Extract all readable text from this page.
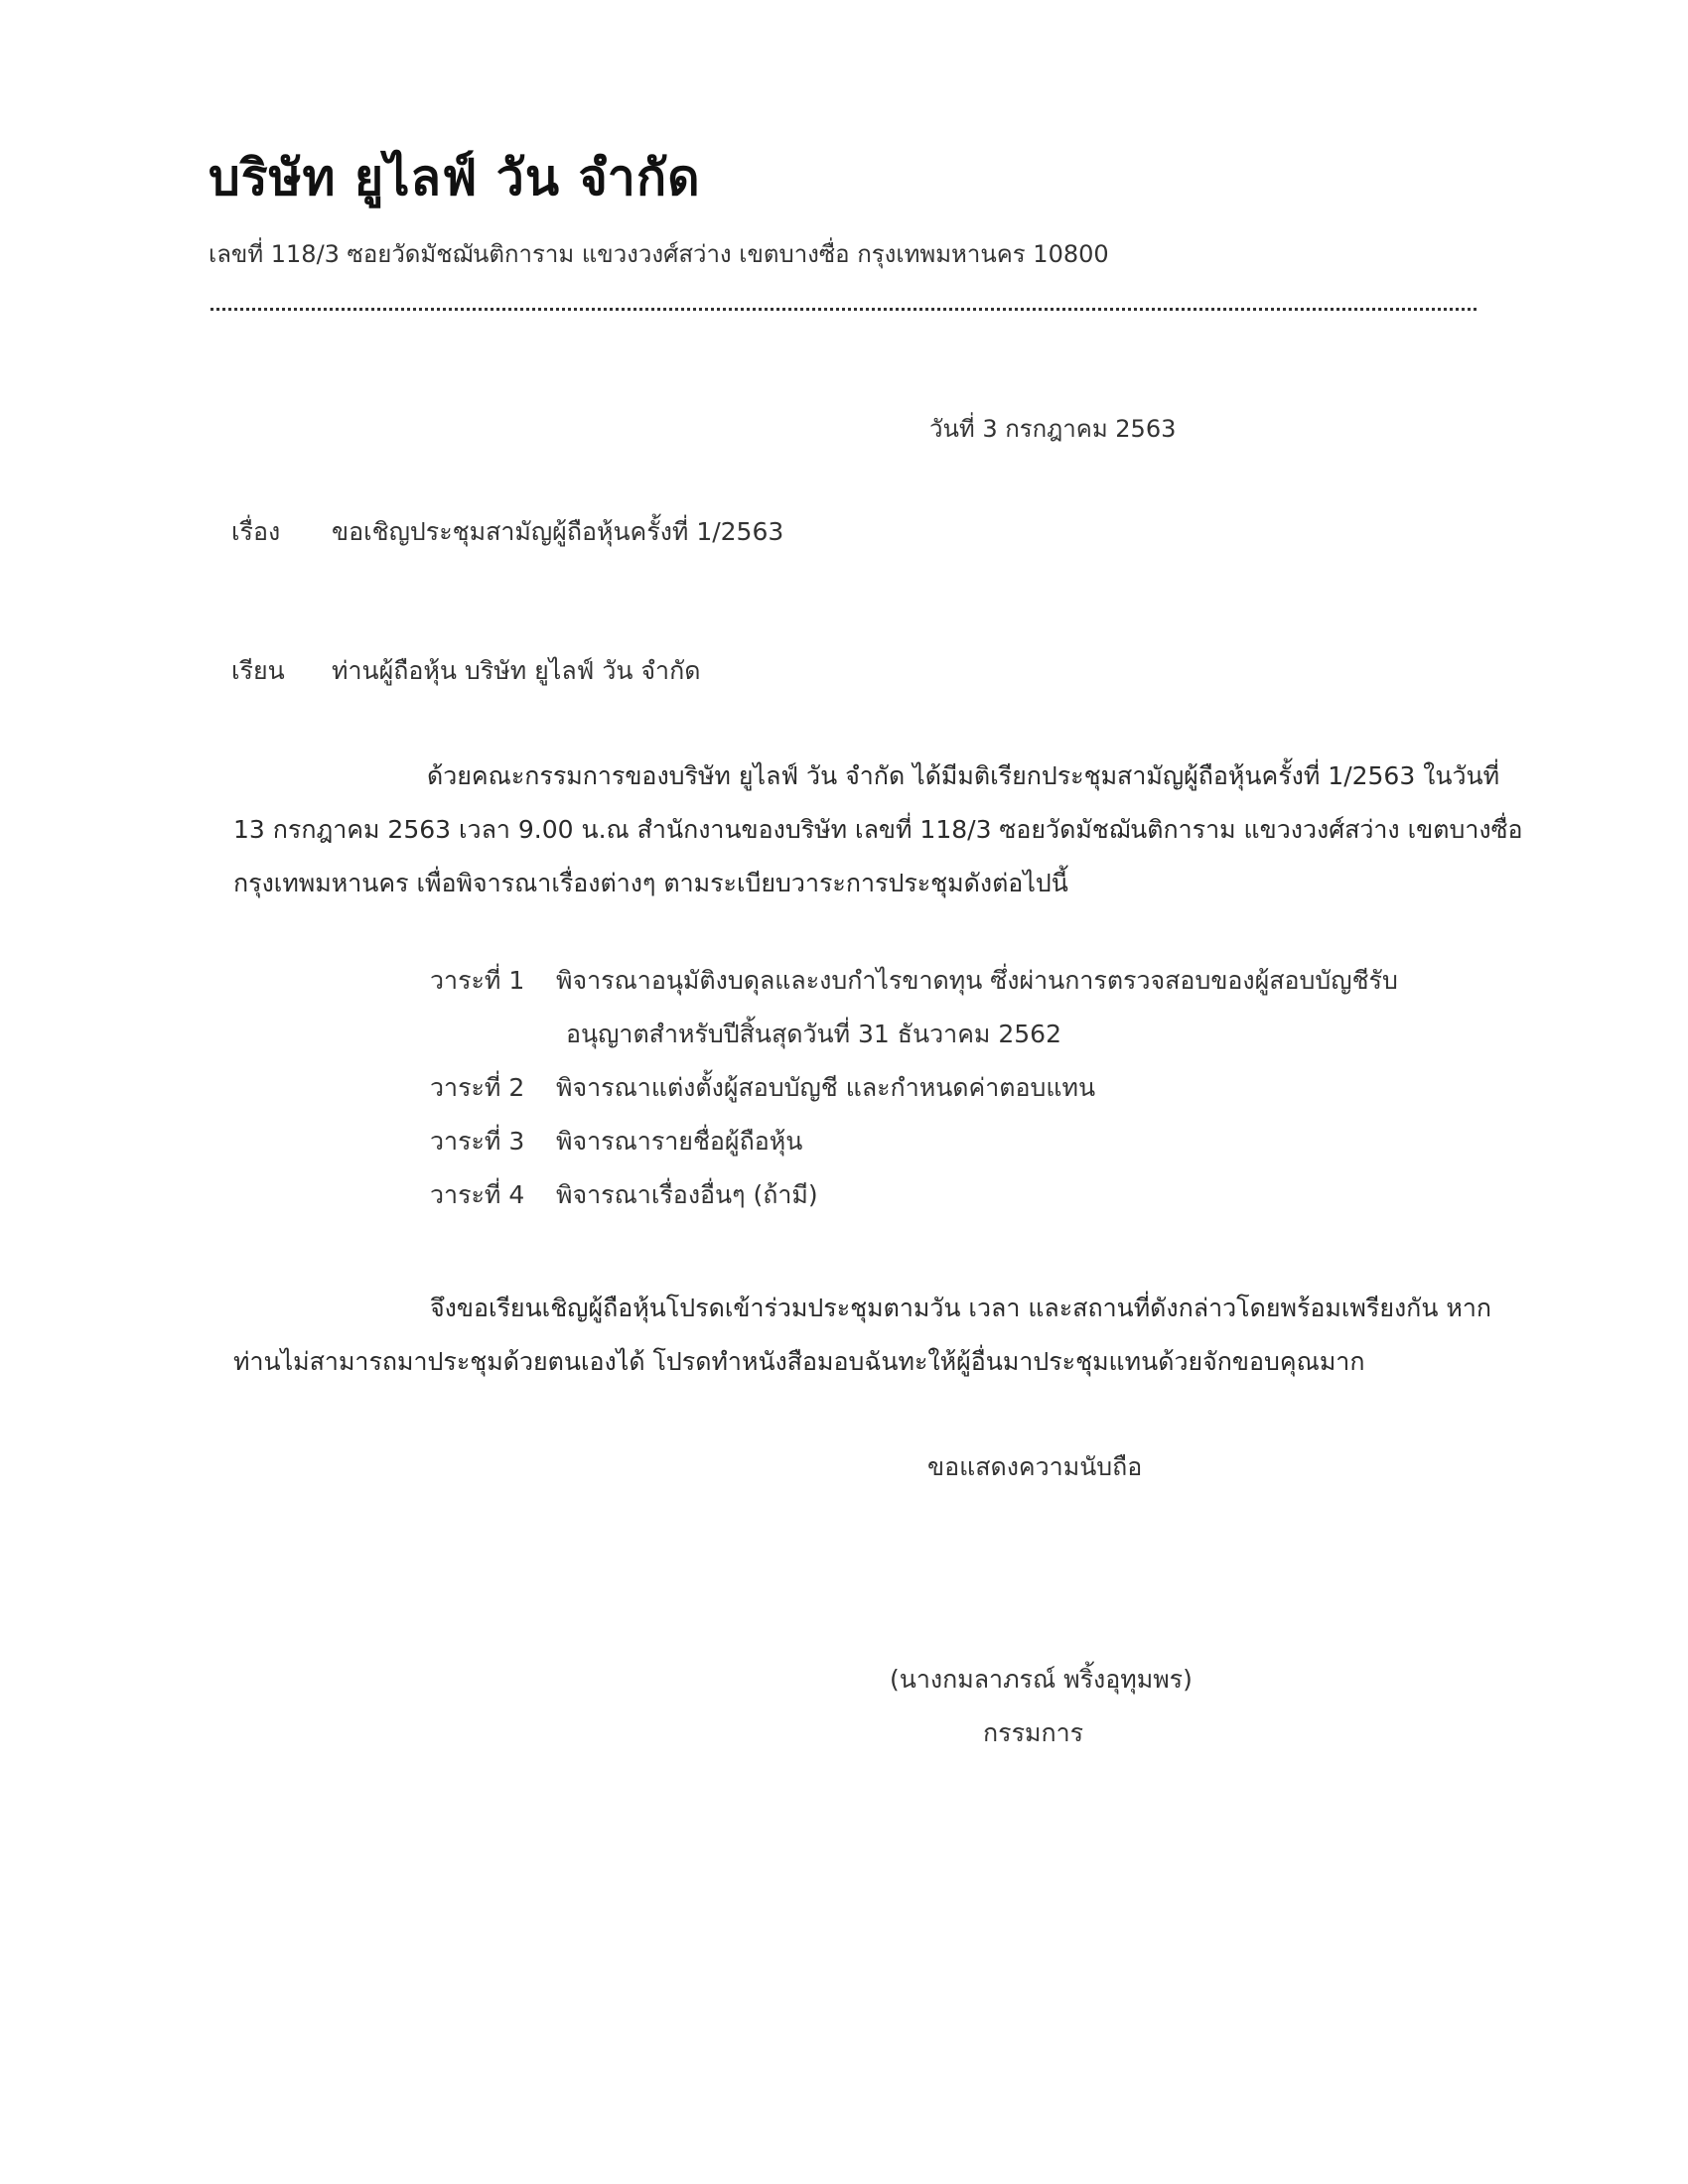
บริษัท ยูไลฟ์ วัน จำกัด
เลขที่ 118/3 ซอยวัดมัชฌันติการาม แขวงวงศ์สว่าง เขตบางซื่อ กรุงเทพมหานคร 10800
วันที่ 3 กรกฎาคม 2563
เรื่อง ขอเชิญประชุมสามัญผู้ถือหุ้นครั้งที่ 1/2563
เรียน ท่านผู้ถือหุ้น บริษัท ยูไลฟ์ วัน จำกัด
ด้วยคณะกรรมการของบริษัท ยูไลฟ์ วัน จำกัด ได้มีมติเรียกประชุมสามัญผู้ถือหุ้นครั้งที่ 1/2563 ในวันที่
13 กรกฎาคม 2563 เวลา 9.00 น.ณ สำนักงานของบริษัท เลขที่ 118/3 ซอยวัดมัชฌันติการาม แขวงวงศ์สว่าง เขตบางซื่อ
กรุงเทพมหานคร เพื่อพิจารณาเรื่องต่างๆ ตามระเบียบวาระการประชุมดังต่อไปนี้
วาระที่ 1 พิจารณาอนุมัติงบดุลและงบกำไรขาดทุน ซึ่งผ่านการตรวจสอบของผู้สอบบัญชีรับ
อนุญาตสำหรับปีสิ้นสุดวันที่ 31 ธันวาคม 2562
วาระที่ 2 พิจารณาแต่งตั้งผู้สอบบัญชี และกำหนดค่าตอบแทน
วาระที่ 3 พิจารณารายชื่อผู้ถือหุ้น
วาระที่ 4 พิจารณาเรื่องอื่นๆ (ถ้ามี)
จึงขอเรียนเชิญผู้ถือหุ้นโปรดเข้าร่วมประชุมตามวัน เวลา และสถานที่ดังกล่าวโดยพร้อมเพรียงกัน หาก
ท่านไม่สามารถมาประชุมด้วยตนเองได้ โปรดทำหนังสือมอบฉันทะให้ผู้อื่นมาประชุมแทนด้วยจักขอบคุณมาก
ขอแสดงความนับถือ
(นางกมลาภรณ์ พริ้งอุทุมพร)
กรรมการ
